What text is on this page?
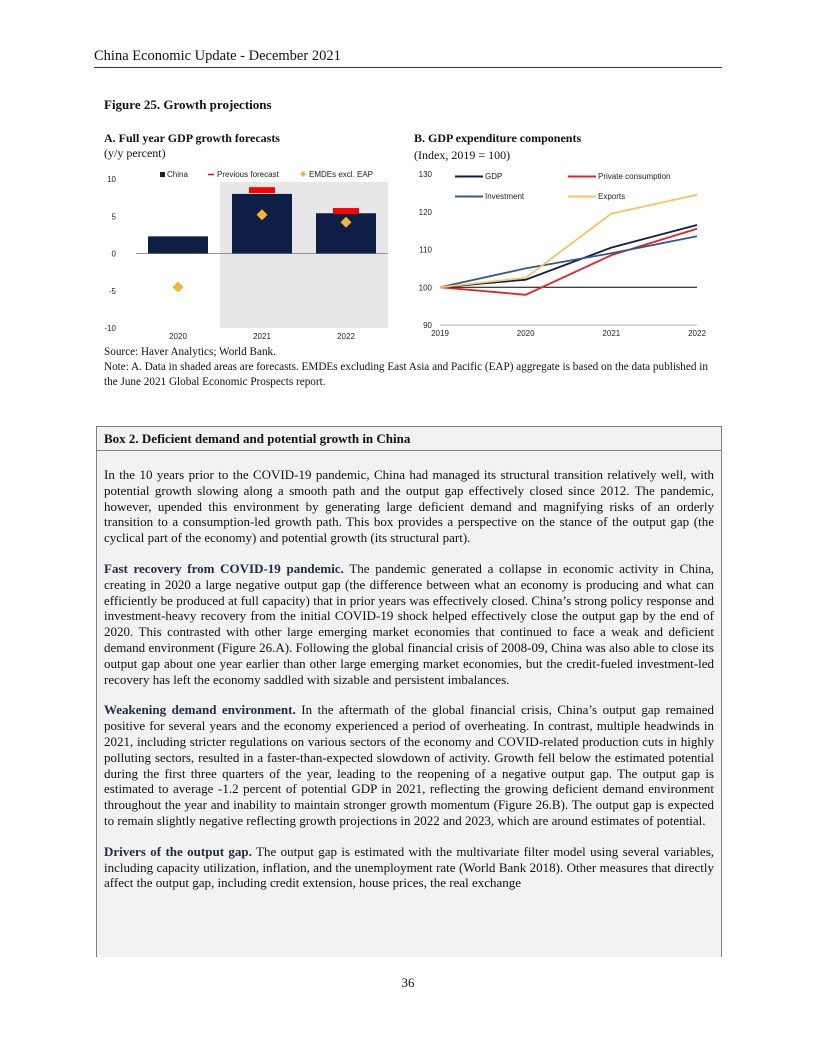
China Economic Update - December 2021
Figure 25. Growth projections
A. Full year GDP growth forecasts
(y/y percent)
B. GDP expenditure components
(Index, 2019 = 100)
10
5
0
-5
-10
2020	2021	2022
China	Previous forecast	EMDEs excl. EAP	130
120
110
100
90
2019	2020	2021	2022
GDP	Private consumption
Investment	Exports
Source: Haver Analytics; World Bank.
Note: A. Data in shaded areas are forecasts. EMDEs excluding East Asia and Pacific (EAP) aggregate is based on the data published in the June 2021 Global Economic Prospects report.
Box 2. Deficient demand and potential growth in China

In the 10 years prior to the COVID-19 pandemic, China had managed its structural transition relatively well, with potential growth slowing along a smooth path and the output gap effectively closed since 2012. The pandemic, however, upended this environment by generating large deficient demand and magnifying risks of an orderly transition to a consumption-led growth path. This box provides a perspective on the stance of the output gap (the cyclical part of the economy) and potential growth (its structural part).

Fast recovery from COVID-19 pandemic. The pandemic generated a collapse in economic activity in China, creating in 2020 a large negative output gap (the difference between what an economy is producing and what can efficiently be produced at full capacity) that in prior years was effectively closed. China’s strong policy response and investment-heavy recovery from the initial COVID-19 shock helped effectively close the output gap by the end of 2020. This contrasted with other large emerging market economies that continued to face a weak and deficient demand environment (Figure 26.A). Following the global financial crisis of 2008-09, China was also able to close its output gap about one year earlier than other large emerging market economies, but the credit-fueled investment-led recovery has left the economy saddled with sizable and persistent imbalances.

Weakening demand environment. In the aftermath of the global financial crisis, China’s output gap remained positive for several years and the economy experienced a period of overheating. In contrast, multiple headwinds in 2021, including stricter regulations on various sectors of the economy and COVID-related production cuts in highly polluting sectors, resulted in a faster-than-expected slowdown of activity. Growth fell below the estimated potential during the first three quarters of the year, leading to the reopening of a negative output gap. The output gap is estimated to average -1.2 percent of potential GDP in 2021, reflecting the growing deficient demand environment throughout the year and inability to maintain stronger growth momentum (Figure 26.B). The output gap is expected to remain slightly negative reflecting growth projections in 2022 and 2023, which are around estimates of potential.

Drivers of the output gap. The output gap is estimated with the multivariate filter model using several variables, including capacity utilization, inflation, and the unemployment rate (World Bank 2018). Other measures that directly affect the output gap, including credit extension, house prices, the real exchange

36
